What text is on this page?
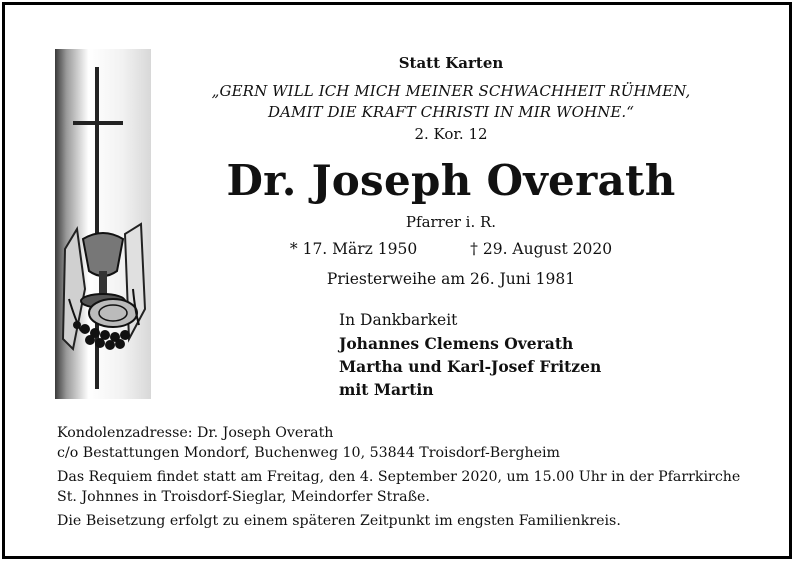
Statt Karten
„GERN WILL ICH MICH MEINER SCHWACHHEIT RÜHMEN,
DAMIT DIE KRAFT CHRISTI IN MIR WOHNE.“
2. Kor. 12
Dr. Joseph Overath
Pfarrer i. R.
* 17. März 1950	† 29. August 2020
Priesterweihe am 26. Juni 1981
In Dankbarkeit
Johannes Clemens Overath
Martha und Karl-Josef Fritzen
mit Martin

Kondolenzadresse: Dr. Joseph Overath

c/o Bestattungen Mondorf, Buchenweg 10, 53844 Troisdorf-Bergheim

Das Requiem findet statt am Freitag, den 4. September 2020, um 15.00 Uhr in der Pfarrkirche

St. Johnnes in Troisdorf-Sieglar, Meindorfer Straße.

Die Beisetzung erfolgt zu einem späteren Zeitpunkt im engsten Familienkreis.
